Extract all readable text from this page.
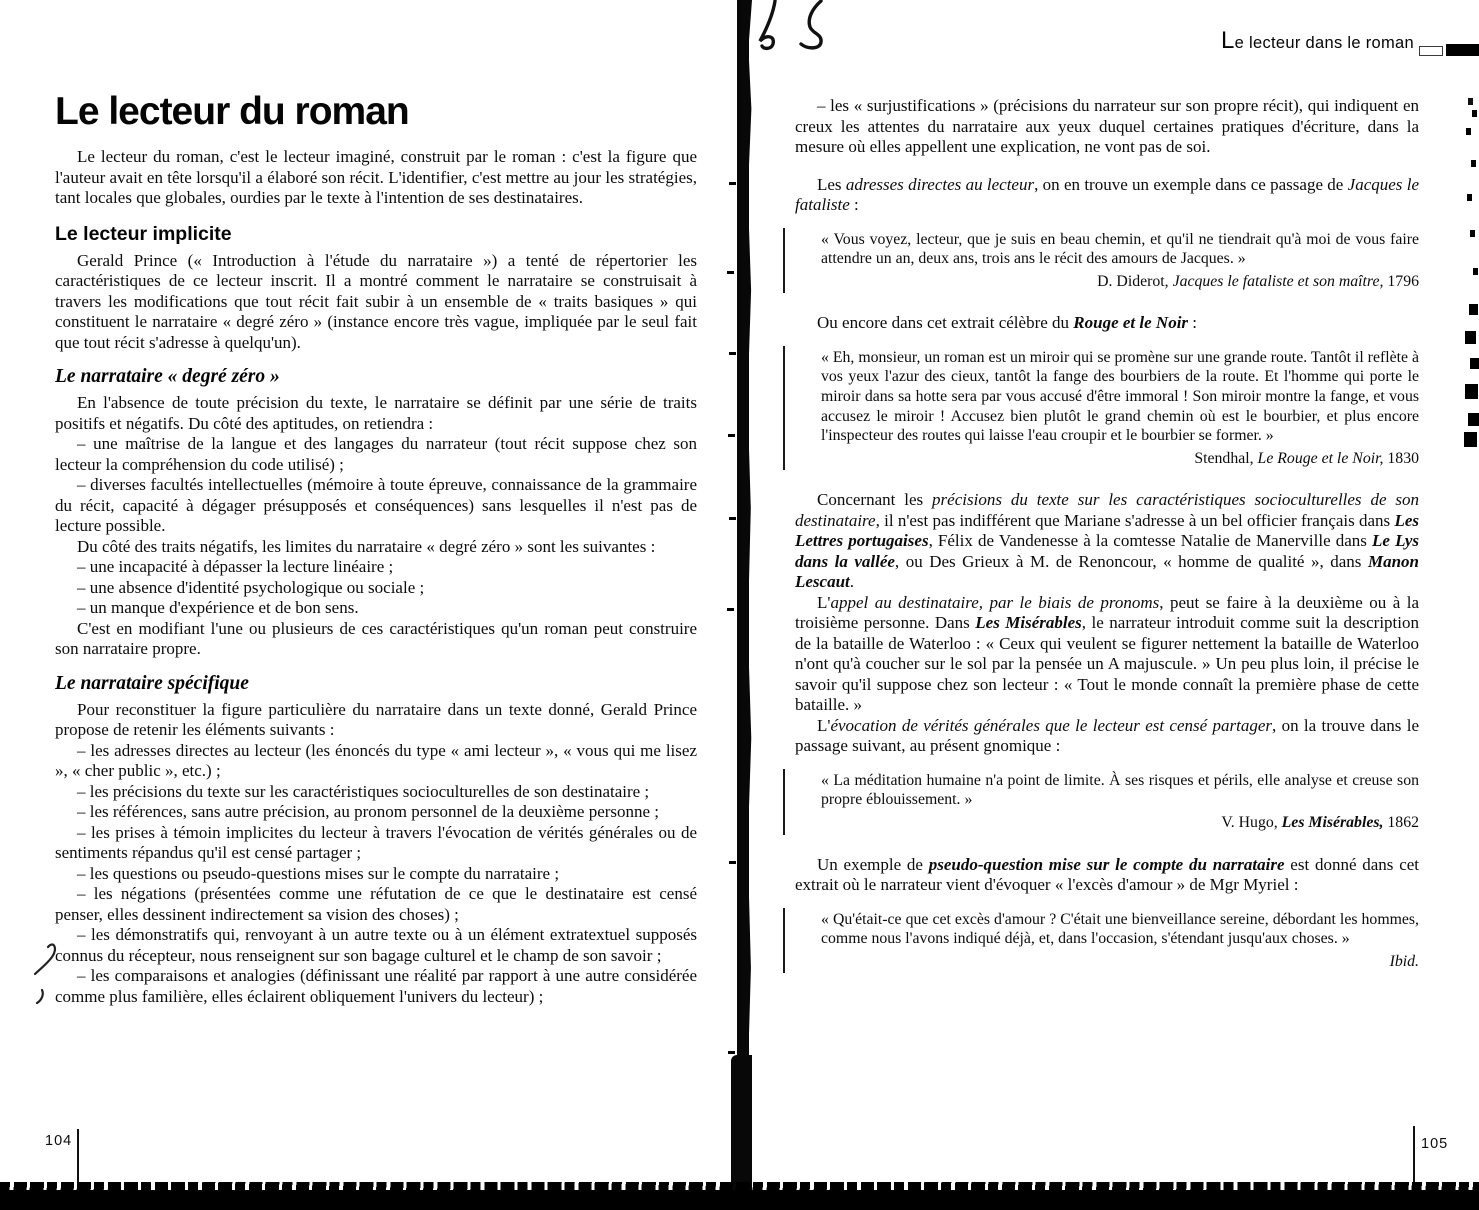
Le lecteur du roman

Le lecteur du roman, c'est le lecteur imaginé, construit par le roman : c'est la figure que l'auteur avait en tête lorsqu'il a élaboré son récit. L'identifier, c'est mettre au jour les stratégies, tant locales que globales, ourdies par le texte à l'intention de ses destinataires.

Le lecteur implicite

Gerald Prince (« Introduction à l'étude du narrataire ») a tenté de répertorier les caractéristiques de ce lecteur inscrit. Il a montré comment le narrataire se construisait à travers les modifications que tout récit fait subir à un ensemble de « traits basiques » qui constituent le narrataire « degré zéro » (instance encore très vague, impliquée par le seul fait que tout récit s'adresse à quelqu'un).

Le narrataire « degré zéro »

En l'absence de toute précision du texte, le narrataire se définit par une série de traits positifs et négatifs. Du côté des aptitudes, on retiendra :

– une maîtrise de la langue et des langages du narrateur (tout récit suppose chez son lecteur la compréhension du code utilisé) ;

– diverses facultés intellectuelles (mémoire à toute épreuve, connaissance de la grammaire du récit, capacité à dégager présupposés et conséquences) sans lesquelles il n'est pas de lecture possible.

Du côté des traits négatifs, les limites du narrataire « degré zéro » sont les suivantes :

– une incapacité à dépasser la lecture linéaire ;

– une absence d'identité psychologique ou sociale ;

– un manque d'expérience et de bon sens.

C'est en modifiant l'une ou plusieurs de ces caractéristiques qu'un roman peut construire son narrataire propre.

Le narrataire spécifique

Pour reconstituer la figure particulière du narrataire dans un texte donné, Gerald Prince propose de retenir les éléments suivants :

– les adresses directes au lecteur (les énoncés du type « ami lecteur », « vous qui me lisez », « cher public », etc.) ;

– les précisions du texte sur les caractéristiques socioculturelles de son destinataire ;

– les références, sans autre précision, au pronom personnel de la deuxième personne ;

– les prises à témoin implicites du lecteur à travers l'évocation de vérités générales ou de sentiments répandus qu'il est censé partager ;

– les questions ou pseudo-questions mises sur le compte du narrataire ;

– les négations (présentées comme une réfutation de ce que le destinataire est censé penser, elles dessinent indirectement sa vision des choses) ;

– les démonstratifs qui, renvoyant à un autre texte ou à un élément extratextuel supposés connus du récepteur, nous renseignent sur son bagage culturel et le champ de son savoir ;

– les comparaisons et analogies (définissant une réalité par rapport à une autre considérée comme plus familière, elles éclairent obliquement l'univers du lecteur) ;

Le lecteur dans le roman

– les « surjustifications » (précisions du narrateur sur son propre récit), qui indiquent en creux les attentes du narrataire aux yeux duquel certaines pratiques d'écriture, dans la mesure où elles appellent une explication, ne vont pas de soi.

Les adresses directes au lecteur, on en trouve un exemple dans ce passage de Jacques le fataliste :

« Vous voyez, lecteur, que je suis en beau chemin, et qu'il ne tiendrait qu'à moi de vous faire attendre un an, deux ans, trois ans le récit des amours de Jacques. »

D. Diderot, Jacques le fataliste et son maître, 1796

Ou encore dans cet extrait célèbre du Rouge et le Noir :

« Eh, monsieur, un roman est un miroir qui se promène sur une grande route. Tantôt il reflète à vos yeux l'azur des cieux, tantôt la fange des bourbiers de la route. Et l'homme qui porte le miroir dans sa hotte sera par vous accusé d'être immoral ! Son miroir montre la fange, et vous accusez le miroir ! Accusez bien plutôt le grand chemin où est le bourbier, et plus encore l'inspecteur des routes qui laisse l'eau croupir et le bourbier se former. »

Stendhal, Le Rouge et le Noir, 1830

Concernant les précisions du texte sur les caractéristiques socioculturelles de son destinataire, il n'est pas indifférent que Mariane s'adresse à un bel officier français dans Les Lettres portugaises, Félix de Vandenesse à la comtesse Natalie de Manerville dans Le Lys dans la vallée, ou Des Grieux à M. de Renoncour, « homme de qualité », dans Manon Lescaut.

L'appel au destinataire, par le biais de pronoms, peut se faire à la deuxième ou à la troisième personne. Dans Les Misérables, le narrateur introduit comme suit la description de la bataille de Waterloo : « Ceux qui veulent se figurer nettement la bataille de Waterloo n'ont qu'à coucher sur le sol par la pensée un A majuscule. » Un peu plus loin, il précise le savoir qu'il suppose chez son lecteur : « Tout le monde connaît la première phase de cette bataille. »

L'évocation de vérités générales que le lecteur est censé partager, on la trouve dans le passage suivant, au présent gnomique :

« La méditation humaine n'a point de limite. À ses risques et périls, elle analyse et creuse son propre éblouissement. »

V. Hugo, Les Misérables, 1862

Un exemple de pseudo-question mise sur le compte du narrataire est donné dans cet extrait où le narrateur vient d'évoquer « l'excès d'amour » de Mgr Myriel :

« Qu'était-ce que cet excès d'amour ? C'était une bienveillance sereine, débordant les hommes, comme nous l'avons indiqué déjà, et, dans l'occasion, s'étendant jusqu'aux choses. »

Ibid.

104	105
